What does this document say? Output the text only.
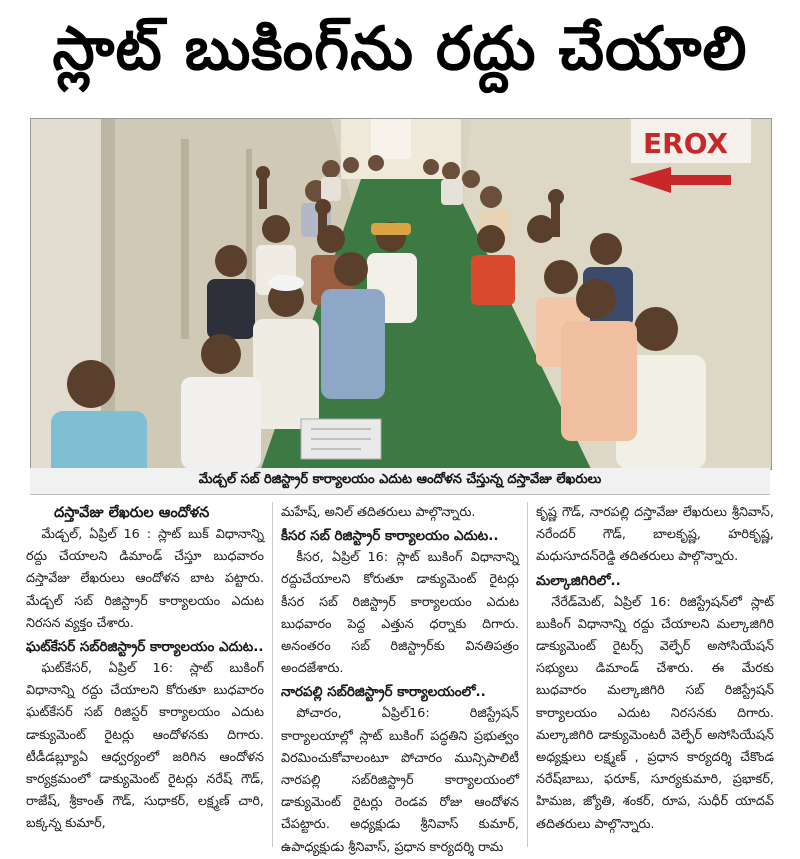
స్లాట్ బుకింగ్‌ను రద్దు చేయాలి
EROX
మేడ్చల్ సబ్ రిజిస్ట్రార్ కార్యాలయం ఎదుట ఆందోళన చేస్తున్న దస్తావేజు లేఖరులు

దస్తావేజు లేఖరుల ఆందోళన

మేడ్చల్, ఏప్రిల్ 16 : స్లాట్ బుక్ విధానాన్ని రద్దు చేయాలని డిమాండ్ చేస్తూ బుధవారం దస్తావేజు లేఖరులు ఆందోళన బాట పట్టారు. మేడ్చల్ సబ్ రిజిస్ట్రార్ కార్యాలయం ఎదుట నిరసన వ్యక్తం చేశారు.

ఘట్‌కేసర్ సబ్‌రిజిస్ట్రార్ కార్యాలయం ఎదుట..

ఘట్‌కేసర్, ఏప్రిల్ 16: స్లాట్ బుకింగ్ విధానాన్ని రద్దు చేయాలని కోరుతూ బుధవారం ఘట్‌కేసర్ సబ్ రిజిస్టర్ కార్యాలయం ఎదుట డాక్యుమెంట్ రైటర్లు ఆందోళనకు దిగారు. టీడీడబ్ల్యూఏ ఆధ్వర్యంలో జరిగిన ఆందోళన కార్యక్రమంలో డాక్యుమెంట్ రైటర్లు నరేష్ గౌడ్, రాజేష్, శ్రీకాంత్ గౌడ్, సుధాకర్, లక్ష్మణ్ చారి, బక్కన్న కుమార్,

మహేష్, అనిల్ తదితరులు పాల్గొన్నారు.

కీసర సబ్ రిజిస్ట్రార్ కార్యాలయం ఎదుట..

కీసర, ఏప్రిల్ 16: స్లాట్ బుకింగ్ విధానాన్ని రద్దుచేయాలని కోరుతూ డాక్యుమెంట్ రైటర్లు కీసర సబ్ రిజిస్ట్రార్ కార్యాలయం ఎదుట బుధవారం పెద్ద ఎత్తున ధర్నాకు దిగారు. అనంతరం సబ్ రిజిస్ట్రార్‌కు వినతిపత్రం అందజేశారు.

నారపల్లి సబ్‌రిజిస్ట్రార్ కార్యాలయంలో..

పోచారం, ఏప్రిల్16: రిజిస్ట్రేషన్ కార్యాలయాల్లో స్లాట్ బుకింగ్ పద్ధతిని ప్రభుత్వం విరమించుకోవాలంటూ పోచారం మున్సిపాలిటీ నారపల్లి సబ్‌రిజిస్ట్రార్ కార్యాలయంలో డాక్యుమెంట్ రైటర్లు రెండవ రోజు ఆందోళన చేపట్టారు. అధ్యక్షుడు శ్రీనివాస్ కుమార్, ఉపాధ్యక్షుడు శ్రీనివాస్, ప్రధాన కార్యదర్శి రామ

కృష్ణ గౌడ్, నారపల్లి దస్తావేజు లేఖరులు శ్రీనివాస్, నరేందర్ గౌడ్, బాలకృష్ణ, హరికృష్ణ, మధుసూదన్‌రెడ్డి తదితరులు పాల్గొన్నారు.

మల్కాజిగిరిలో..

నేరేడ్‌మెట్, ఏప్రిల్ 16: రిజిస్ట్రేషన్‌లో స్లాట్ బుకింగ్ విధానాన్ని రద్దు చేయాలని మల్కాజిగిరి డాక్యుమెంట్ రైటర్స్ వెల్ఫేర్ అసోసియేషన్ సభ్యులు డిమాండ్ చేశారు. ఈ మేరకు బుధవారం మల్కాజిగిరి సబ్ రిజిస్ట్రేషన్ కార్యాలయం ఎదుట నిరసనకు దిగారు. మల్కాజిగిరి డాక్యుమెంటరీ వెల్ఫేర్ అసోసియేషన్ అధ్యక్షులు లక్ష్మణ్ , ప్రధాన కార్యదర్శి చేకొండ నరేష్‌బాబు, ఫరూక్, సూర్యకుమారి, ప్రభాకర్, హిమజ, జ్యోతి, శంకర్, రూప, సుధీర్ యాదవ్ తదితరులు పాల్గొన్నారు.
